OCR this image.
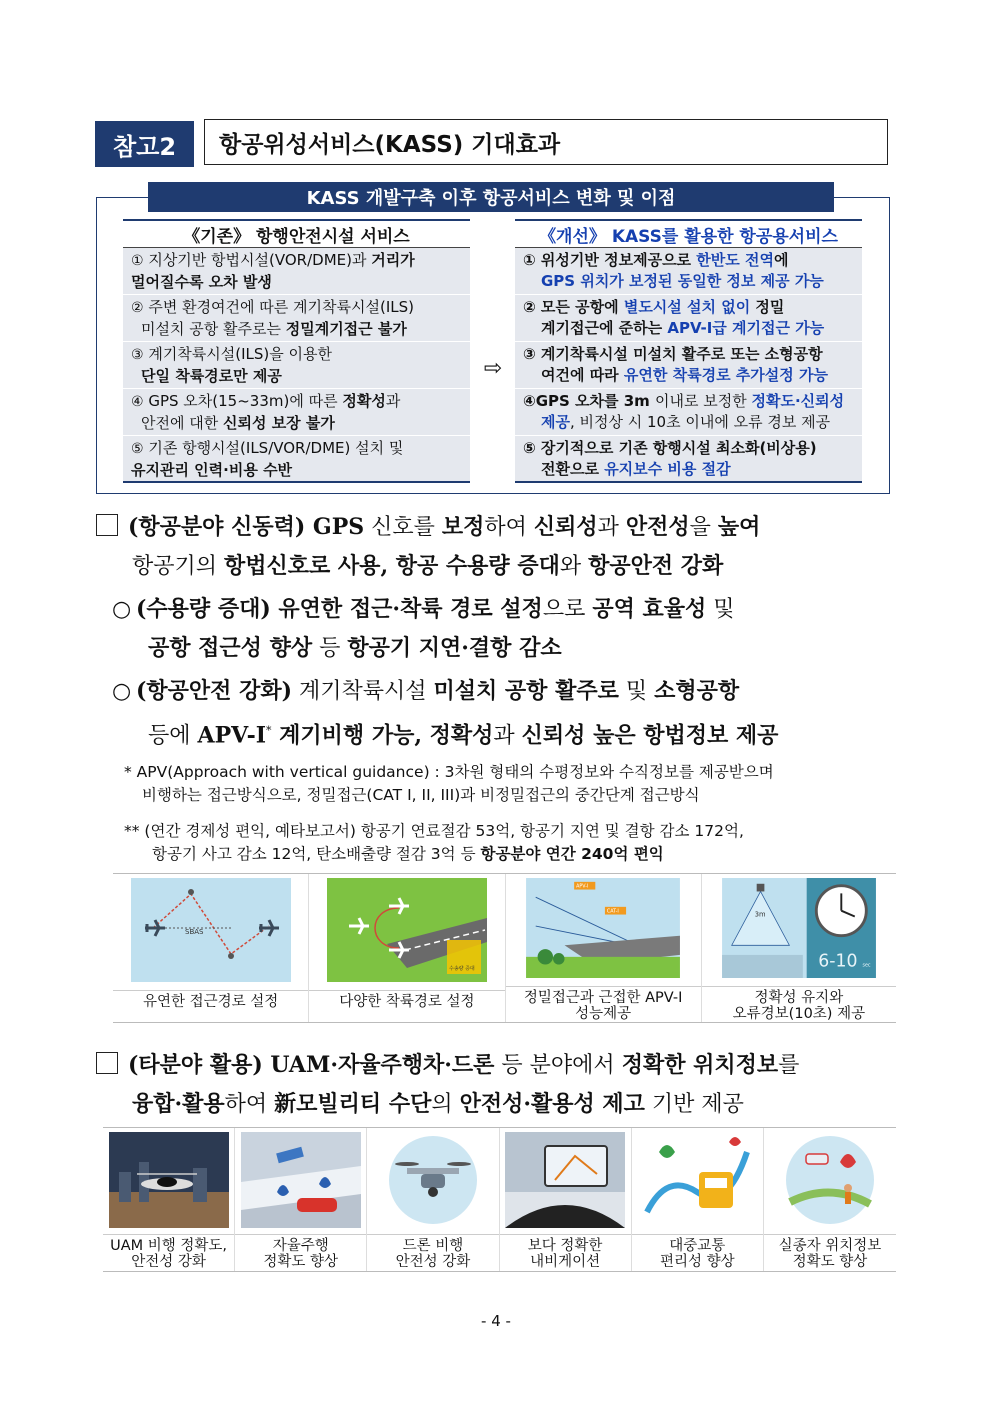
참고2	항공위성서비스(KASS) 기대효과
KASS 개발구축 이후 항공서비스 변화 및 이점
《기존》 항행안전시설 서비스
① 지상기반 항법시설(VOR/DME)과 거리가
멀어질수록 오차 발생
② 주변 환경여건에 따른 계기착륙시설(ILS)
미설치 공항 활주로는 정밀계기접근 불가
③ 계기착륙시설(ILS)을 이용한
단일 착륙경로만 제공
④ GPS 오차(15~33m)에 따른 정확성과
안전에 대한 신뢰성 보장 불가
⑤ 기존 항행시설(ILS/VOR/DME) 설치 및
유지관리 인력·비용 수반
⇨
《개선》 KASS를 활용한 항공용서비스
① 위성기반 정보제공으로 한반도 전역에
GPS 위치가 보정된 동일한 정보 제공 가능
② 모든 공항에 별도시설 설치 없이 정밀
계기접근에 준하는 APV-I급 계기접근 가능
③ 계기착륙시설 미설치 활주로 또는 소형공항
여건에 따라 유연한 착륙경로 추가설정 가능
④GPS 오차를 3m 이내로 보정한 정확도·신뢰성
제공, 비정상 시 10초 이내에 오류 경보 제공
⑤ 장기적으로 기존 항행시설 최소화(비상용)
전환으로 유지보수 비용 절감
(항공분야 신동력) GPS 신호를 보정하여 신뢰성과 안전성을 높여
항공기의 항법신호로 사용, 항공 수용량 증대와 항공안전 강화
○ (수용량 증대) 유연한 접근·착륙 경로 설정으로 공역 효율성 및
공항 접근성 향상 등 항공기 지연·결항 감소
○ (항공안전 강화) 계기착륙시설 미설치 공항 활주로 및 소형공항
등에 APV-I* 계기비행 가능, 정확성과 신뢰성 높은 항법정보 제공
* APV(Approach with vertical guidance) : 3차원 형태의 수평정보와 수직정보를 제공받으며
비행하는 접근방식으로, 정밀접근(CAT I, II, III)과 비정밀접근의 중간단계 접근방식
** (연간 경제성 편익, 예타보고서) 항공기 연료절감 53억, 항공기 지연 및 결항 감소 172억,
항공기 사고 감소 12억, 탄소배출량 절감 3억 등 항공분야 연간 240억 편익
SBAS
유연한 접근경로 설정
수송량 증대
다양한 착륙경로 설정
APV-I
CAT-I
정밀접근과 근접한 APV-I
성능제공
3m
6-10 sec
정확성 유지와
오류경보(10초) 제공
(타분야 활용) UAM·자율주행차·드론 등 분야에서 정확한 위치정보를
융합·활용하여 新모빌리티 수단의 안전성·활용성 제고 기반 제공
UAM 비행 정확도,
안전성 강화
자율주행
정확도 향상
드론 비행
안전성 강화
보다 정확한
내비게이션
대중교통
편리성 향상
실종자 위치정보
정확도 향상
- 4 -
